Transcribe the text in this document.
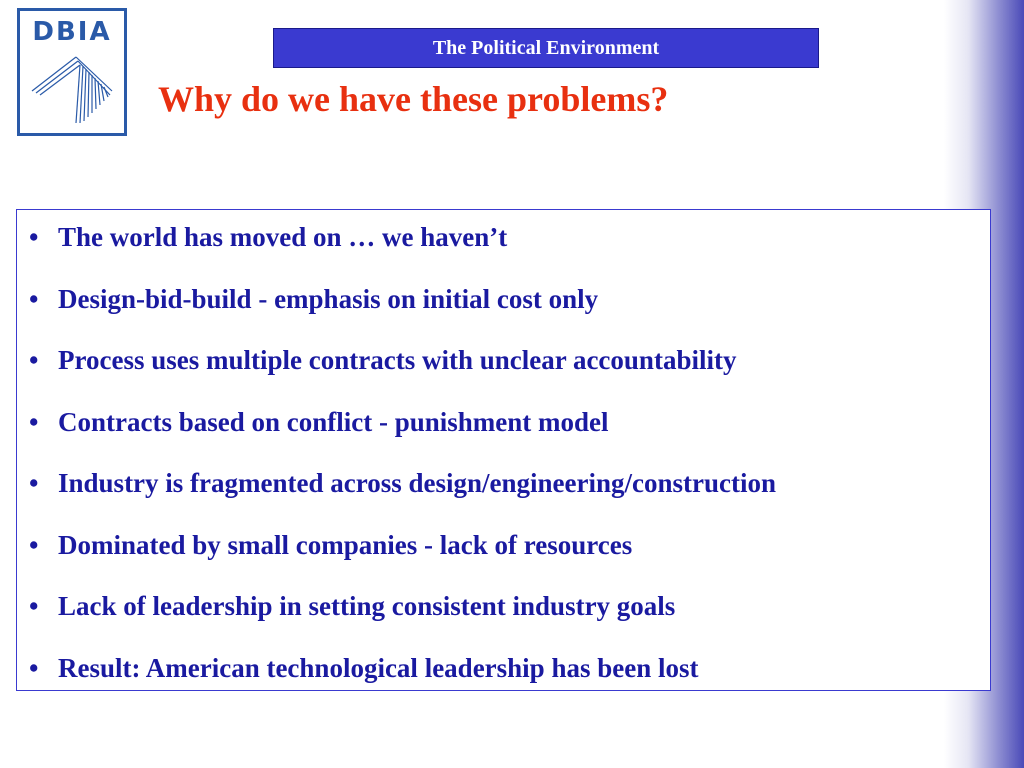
DBIA
The Political Environment
Why do we have these problems?
• The world has moved on … we haven’t
• Design-bid-build - emphasis on initial cost only
• Process uses multiple contracts with unclear accountability
• Contracts based on conflict - punishment model
• Industry is fragmented across design/engineering/construction
• Dominated by small companies - lack of resources
• Lack of leadership in setting consistent industry goals
• Result: American technological leadership has been lost
